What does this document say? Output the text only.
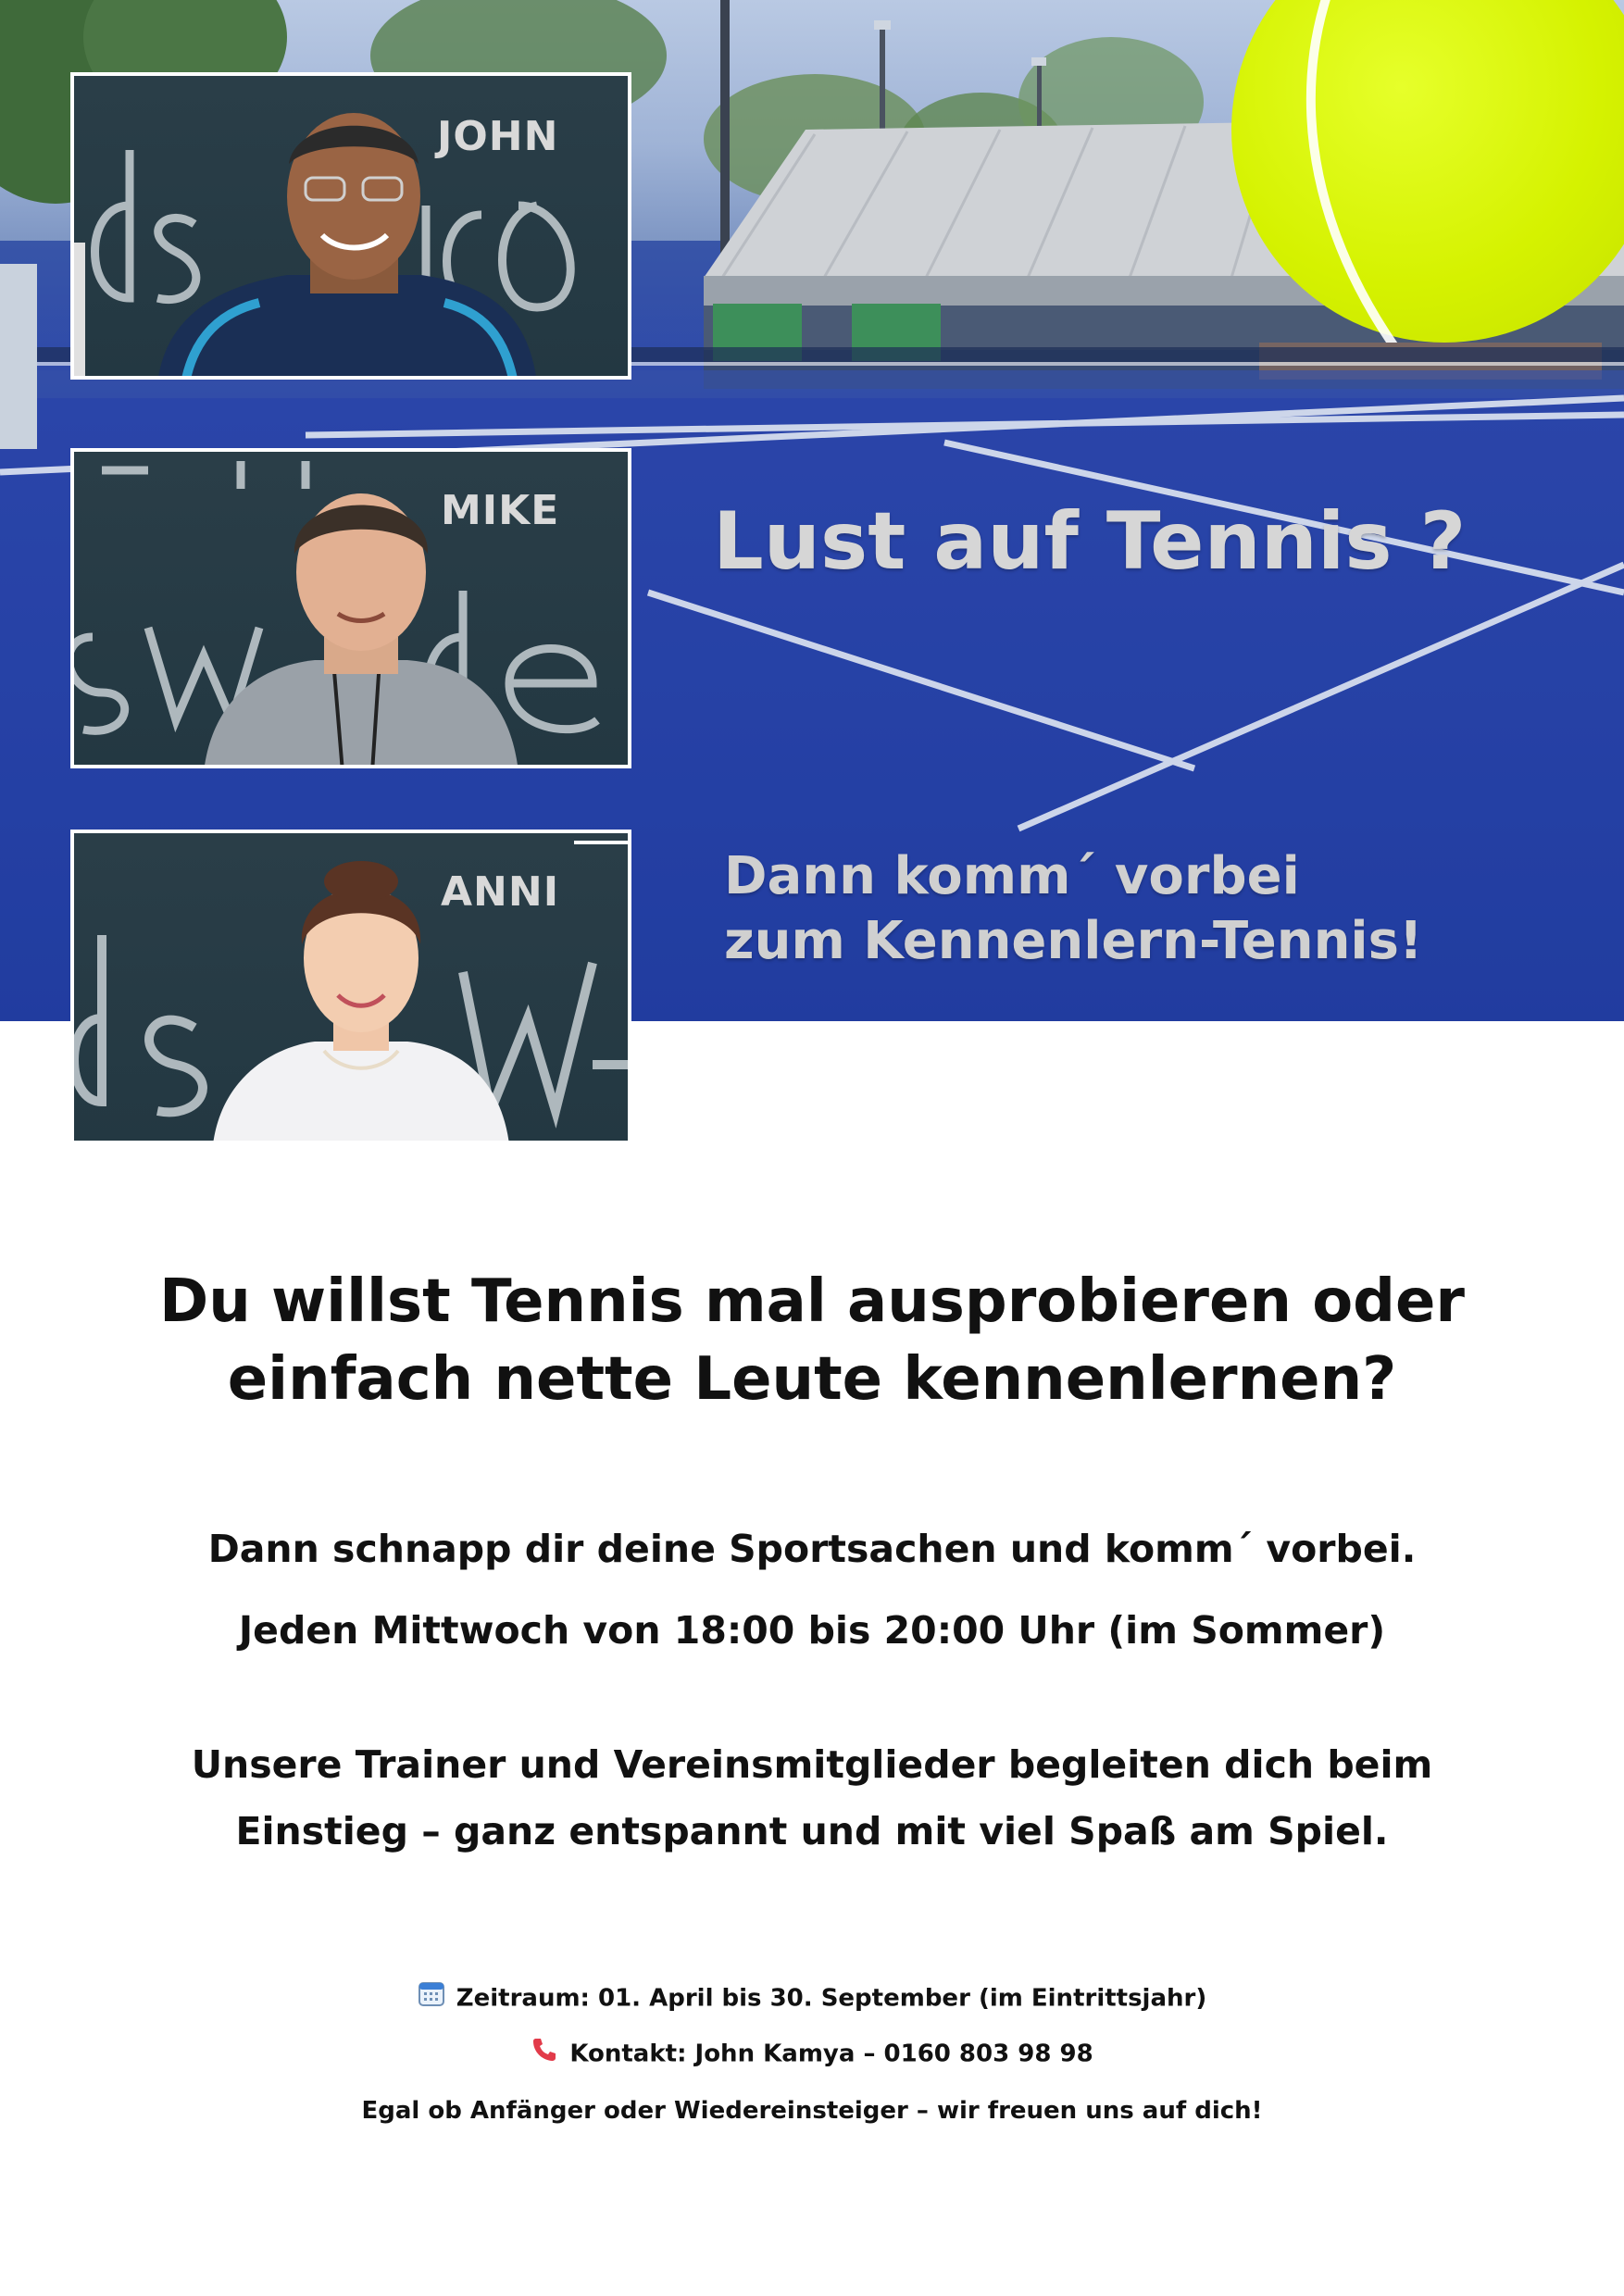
Lust auf Tennis ?
Dann komm´ vorbei
zum Kennenlern-Tennis!
JOHN
MIKE
ANNI
Du willst Tennis mal ausprobieren oder
einfach nette Leute kennenlernen?
Dann schnapp dir deine Sportsachen und komm´ vorbei.
Jeden Mittwoch von 18:00 bis 20:00 Uhr (im Sommer)
Unsere Trainer und Vereinsmitglieder begleiten dich beim
Einstieg – ganz entspannt und mit viel Spaß am Spiel.
Zeitraum: 01. April bis 30. September (im Eintrittsjahr)
Kontakt: John Kamya – 0160 803 98 98
Egal ob Anfänger oder Wiedereinsteiger – wir freuen uns auf dich!
